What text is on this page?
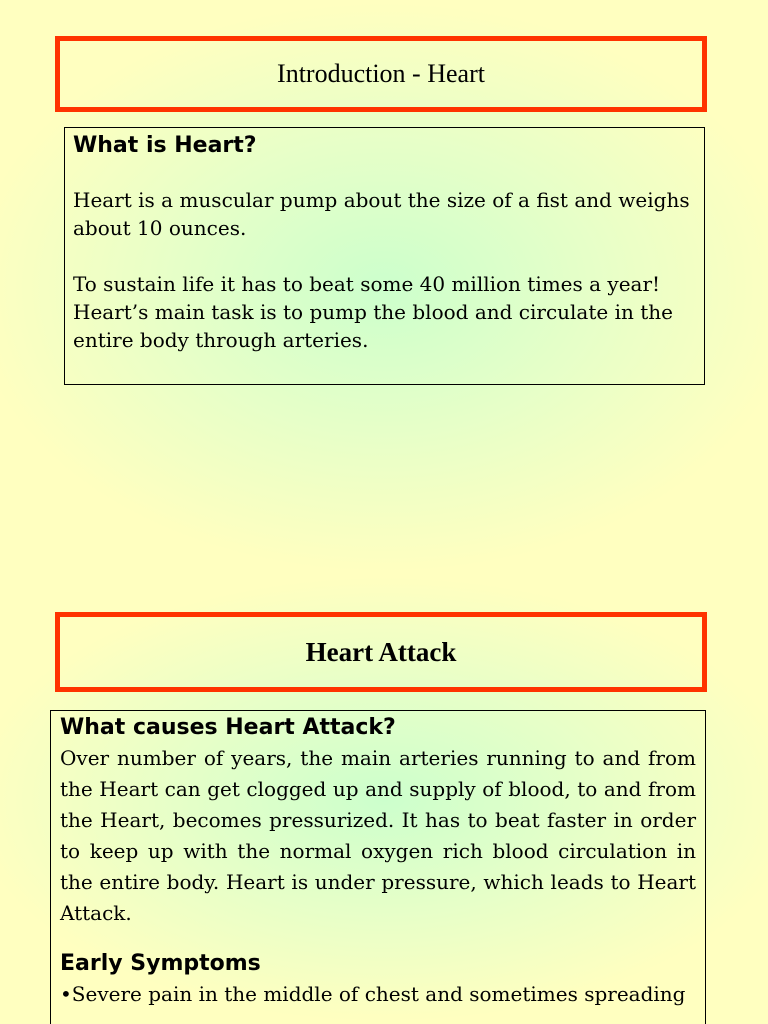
Introduction - Heart
What is Heart?

Heart is a muscular pump about the size of a fist and weighs about 10 ounces.

To sustain life it has to beat some 40 million times a year! Heart’s main task is to pump the blood and circulate in the entire body through arteries.

Heart Attack
What causes Heart Attack?

Over number of years, the main arteries running to and from the Heart can get clogged up and supply of blood, to and from the Heart, becomes pressurized. It has to beat faster in order to keep up with the normal oxygen rich blood circulation in the entire body. Heart is under pressure, which leads to Heart Attack.

Early Symptoms
•Severe pain in the middle of chest and sometimes spreading
